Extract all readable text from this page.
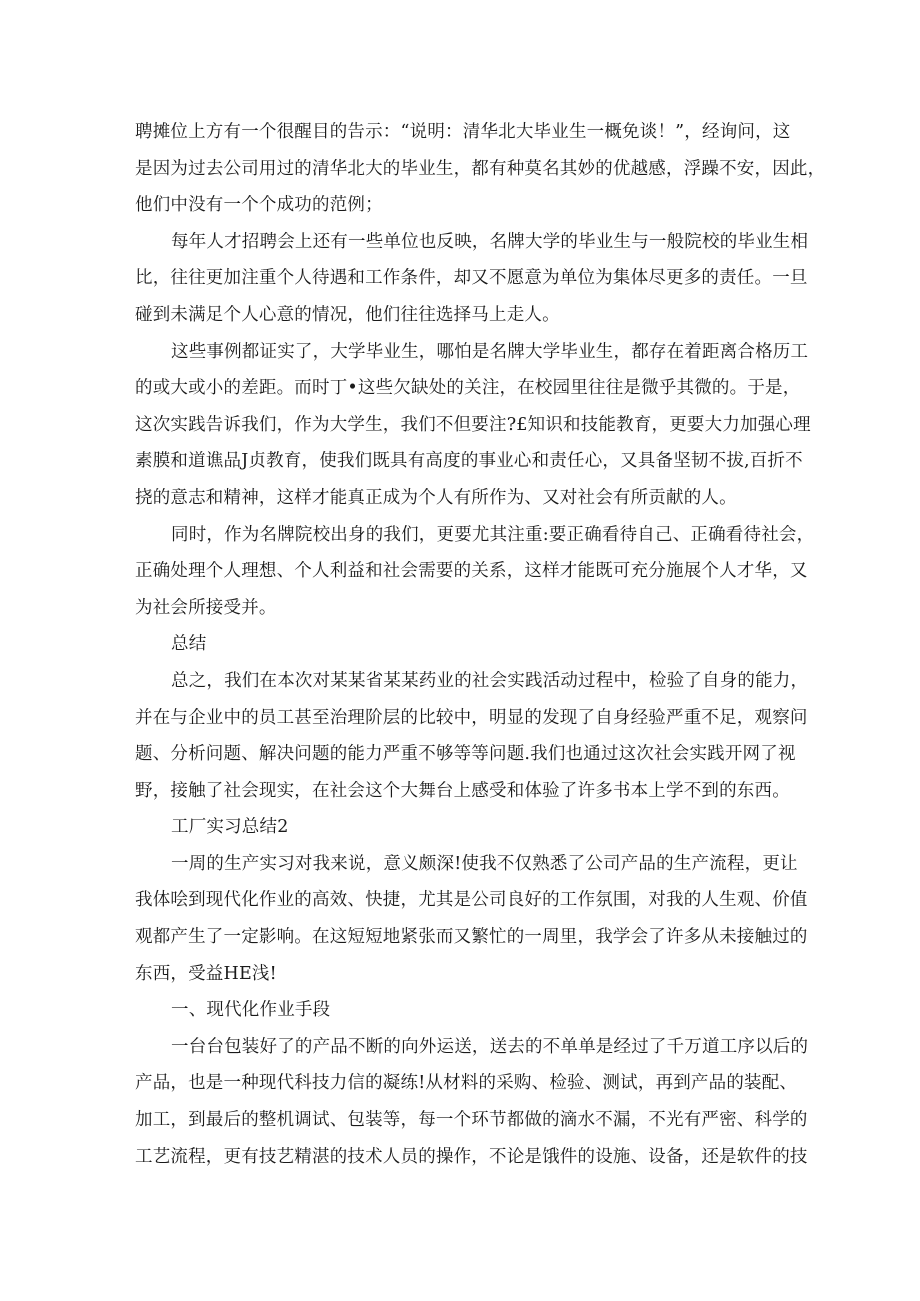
聘摊位上方有一个很醒目的告示：“说明：清华北大毕业生一概免谈！”，经询问，这
是因为过去公司用过的清华北大的毕业生，都有种莫名其妙的优越感，浮躁不安，因此，
他们中没有一个个成功的范例；
每年人才招聘会上还有一些单位也反映，名牌大学的毕业生与一般院校的毕业生相
比，往往更加注重个人待遇和工作条件，却又不愿意为单位为集体尽更多的责任。一旦
碰到未满足个人心意的情况，他们往往选择马上走人。
这些事例都证实了，大学毕业生，哪怕是名牌大学毕业生，都存在着距离合格历工
的或大或小的差距。而时丁•这些欠缺处的关注，在校园里往往是微乎其微的。于是，
这次实践告诉我们，作为大学生，我们不但要注?£知识和技能教育，更要大力加强心理
素膜和道谯品J贞教育，使我们既具有高度的事业心和责任心，又具备坚韧不拔,百折不
挠的意志和精神，这样才能真正成为个人有所作为、又对社会有所贡献的人。
同时，作为名牌院校出身的我们，更要尤其注重:要正确看待自己、正确看待社会，
正确处理个人理想、个人利益和社会需要的关系，这样才能既可充分施展个人才华，又
为社会所接受并。
总结
总之，我们在本次对某某省某某药业的社会实践活动过程中，检验了自身的能力，
并在与企业中的员工甚至治理阶层的比较中，明显的发现了自身经验严重不足，观察问
题、分析问题、解决问题的能力严重不够等等问题.我们也通过这次社会实践开网了视
野，接触了社会现实，在社会这个大舞台上感受和体验了许多书本上学不到的东西。
工厂实习总结2
一周的生产实习对我来说，意义颇深!使我不仅熟悉了公司产品的生产流程，更让
我体哙到现代化作业的高效、快捷，尤其是公司良好的工作氛围，对我的人生观、价值
观都产生了一定影响。在这短短地紧张而又繁忙的一周里，我学会了许多从未接触过的
东西，受益HE浅!
一、现代化作业手段
一台台包装好了的产品不断的向外运送，送去的不单单是经过了千万道工序以后的
产品，也是一种现代科技力信的凝练!从材料的采购、检验、测试，再到产品的装配、
加工，到最后的整机调试、包装等，每一个环节都做的滴水不漏，不光有严密、科学的
工艺流程，更有技艺精湛的技术人员的操作，不论是饿件的设施、设备，还是软件的技
